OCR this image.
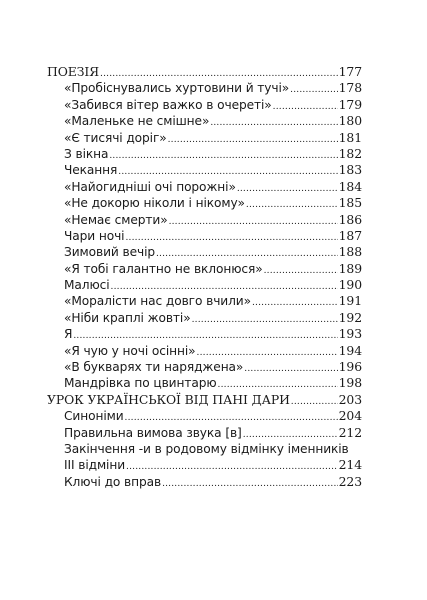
ПОЕЗІЯ .....	177
«Пробіснувались хуртовини й тучі» .....	178
«Забився вітер важко в очереті» .....	179
«Маленьке не смішне» .....	180
«Є тисячі доріг» .....	181
З вікна .....	182
Чекання .....	183
«Найогидніші очі порожні» .....	184
«Не докорю ніколи і нікому» .....	185
«Немає смерти» .....	186
Чари ночі .....	187
Зимовий вечір .....	188
«Я тобі галантно не вклонюся» .....	189
Малюсі .....	190
«Моралісти нас довго вчили» .....	191
«Ніби краплі жовті» .....	192
Я .....	193
«Я чую у ночі осінні» .....	194
«В букварях ти наряджена» .....	196
Мандрівка по цвинтарю .....	198
УРОК УКРАЇНСЬКОЇ ВІД ПАНІ ДАРИ .....	203
Синоніми .....	204
Правильна вимова звука [в] .....	212
Закінчення -и в родовому відмінку іменників
ІІІ відміни .....	214
Ключі до вправ .....	223
